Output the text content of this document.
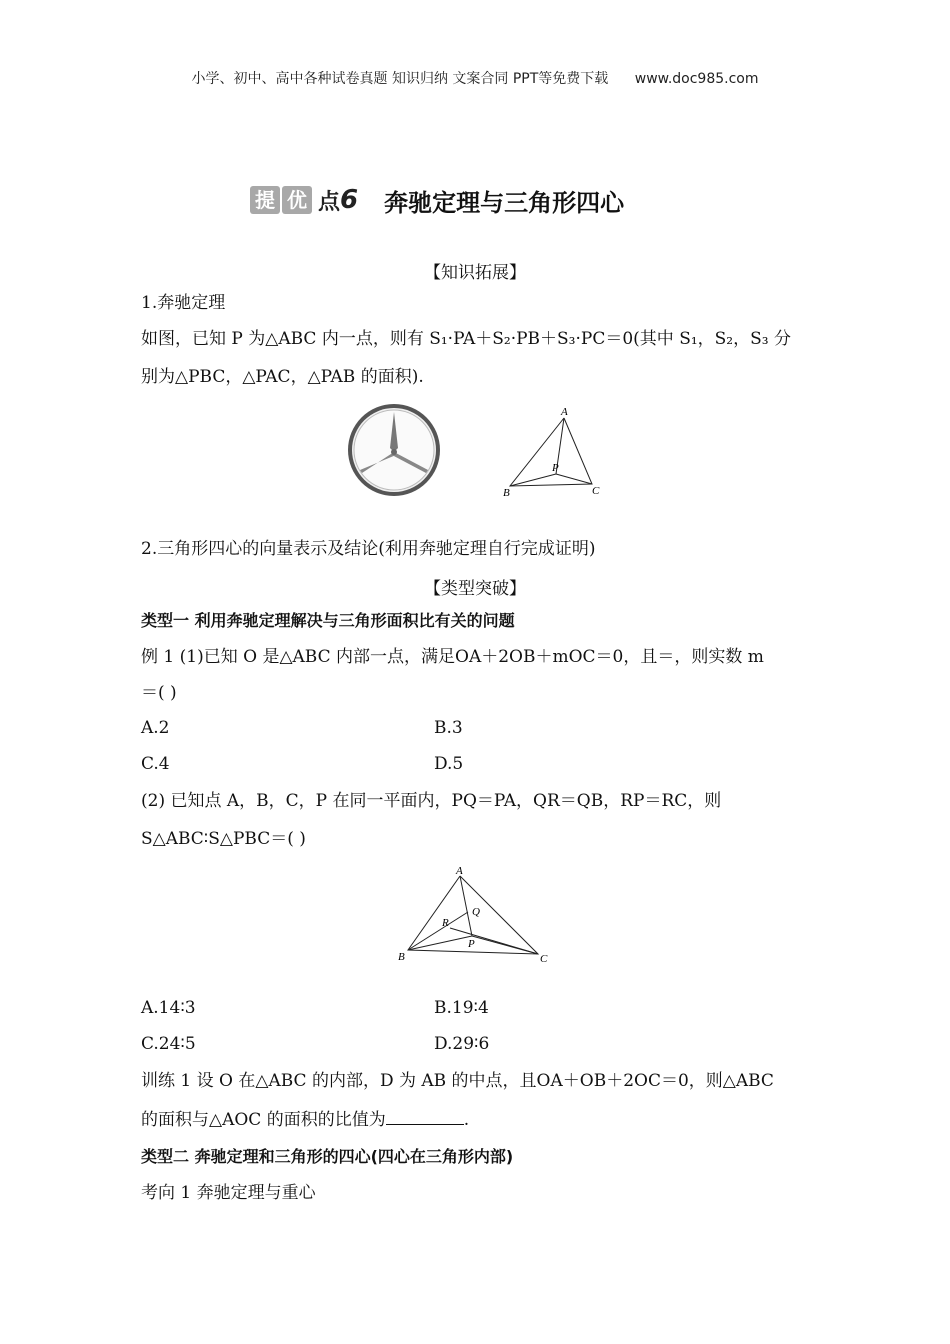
小学、初中、高中各种试卷真题 知识归纳 文案合同 PPT等免费下载 www.doc985.com
提 优 点 6 奔驰定理与三角形四心
【知识拓展】
1.奔驰定理
如图，已知 P 为△ABC 内一点，则有 S₁·PA＋S₂·PB＋S₃·PC＝0(其中 S₁，S₂，S₃ 分
别为△PBC，△PAC，△PAB 的面积).
A
B	C
P
2.三角形四心的向量表示及结论(利用奔驰定理自行完成证明)
【类型突破】
类型一 利用奔驰定理解决与三角形面积比有关的问题
例 1 (1)已知 O 是△ABC 内部一点，满足OA＋2OB＋mOC＝0，且＝，则实数 m
＝( )
A.2	B.3
C.4	D.5
(2) 已知点 A，B，C，P 在同一平面内，PQ＝PA，QR＝QB，RP＝RC，则
S△ABC∶S△PBC＝( )
A
B	C
P
Q
R
A.14∶3	B.19∶4
C.24∶5	D.29∶6
训练 1 设 O 在△ABC 的内部，D 为 AB 的中点，且OA＋OB＋2OC＝0，则△ABC
的面积与△AOC 的面积的比值为	.
类型二 奔驰定理和三角形的四心(四心在三角形内部)
考向 1 奔驰定理与重心
